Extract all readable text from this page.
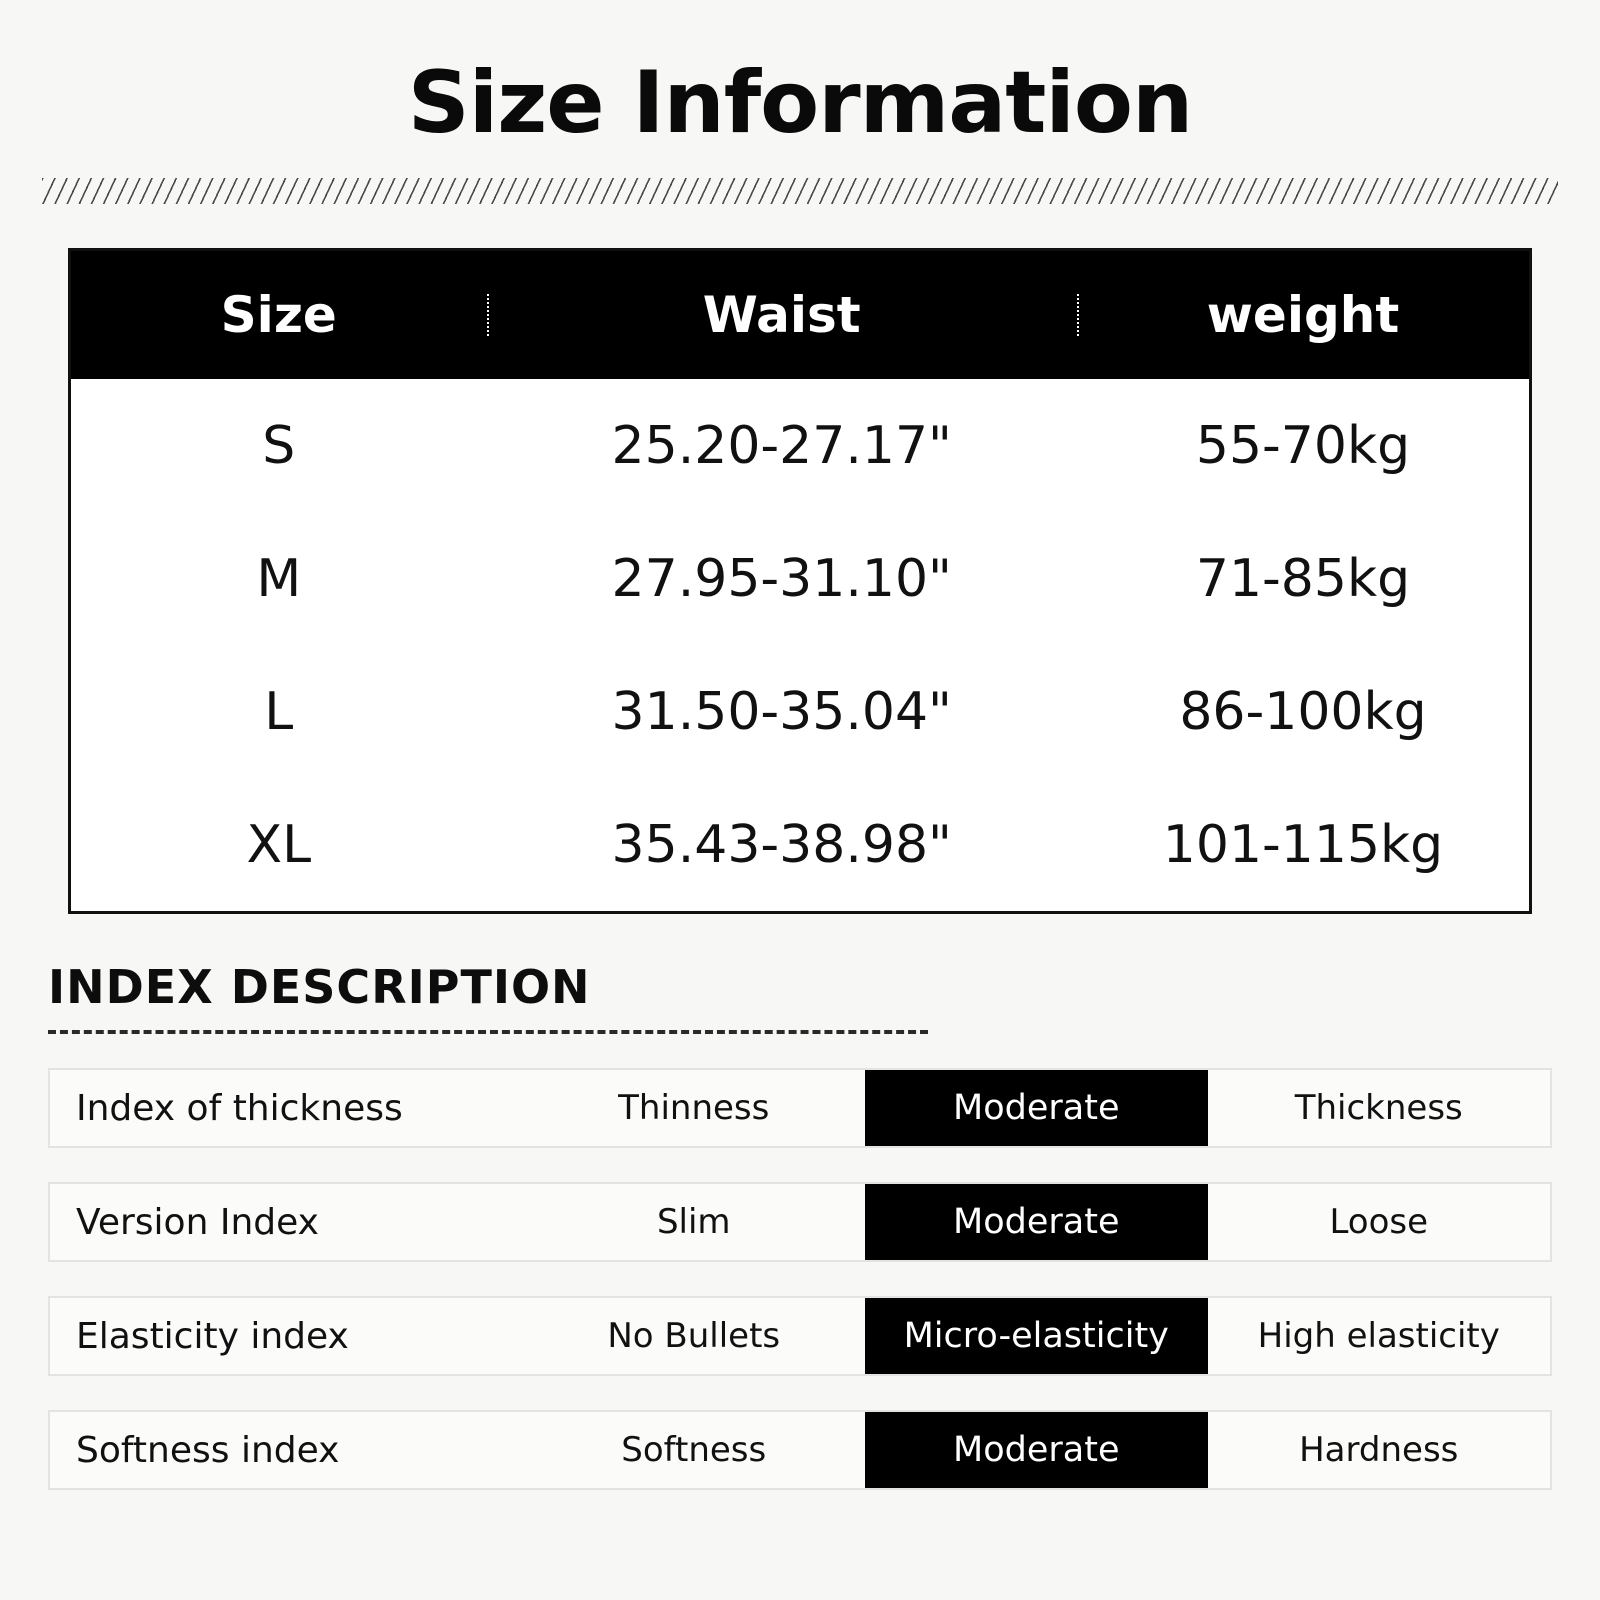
Size Information
Size	Waist	weight
S	25.20-27.17"	55-70kg
M	27.95-31.10"	71-85kg
L	31.50-35.04"	86-100kg
XL	35.43-38.98"	101-115kg
INDEX DESCRIPTION
Index of thickness	Thinness	Moderate	Thickness
Version Index	Slim	Moderate	Loose
Elasticity index	No Bullets	Micro-elasticity	High elasticity
Softness index	Softness	Moderate	Hardness
